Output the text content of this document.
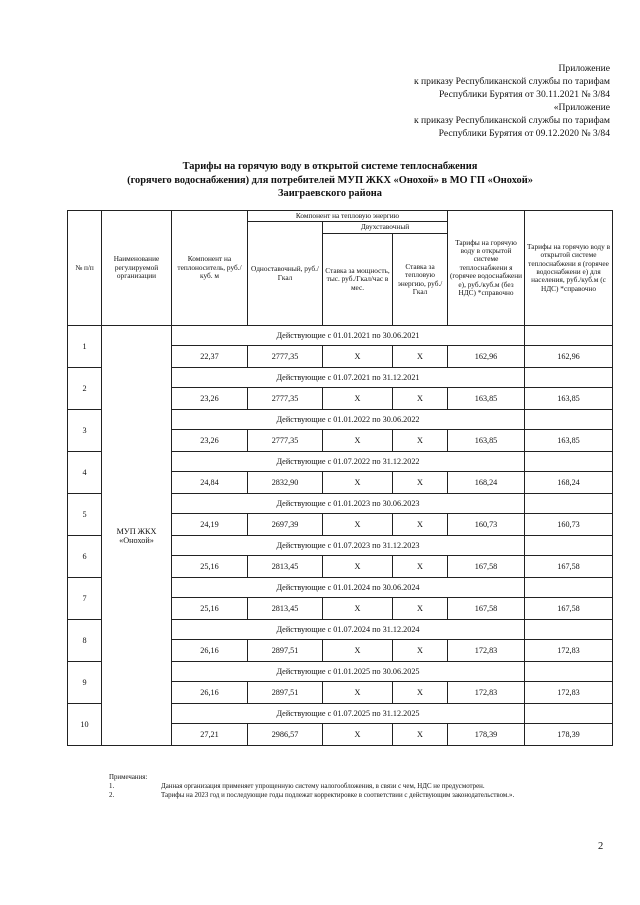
Приложение
к приказу Республиканской службы по тарифам
Республики Бурятия от 30.11.2021 № 3/84
«Приложение
к приказу Республиканской службы по тарифам
Республики Бурятия от 09.12.2020 № 3/84
Тарифы на горячую воду в открытой системе теплоснабжения
(горячего водоснабжения) для потребителей МУП ЖКХ «Онохой» в МО ГП «Онохой»
Заиграевского района
№ п/п	Наименование регулируемой организации	Компонент на теплоноситель, руб./куб. м	Компонент на тепловую энергию			Тарифы на горячую воду в открытой системе теплоснабжени я (горячее водоснабжени е), руб./куб.м (без НДС) *справочно	Тарифы на горячую воду в открытой системе теплоснабжени я (горячее водоснабжени е) для населения, руб./куб.м (с НДС) *справочно
			Одноставочный, руб./Гкал	Двухставочный			
				Ставка за мощность, тыс. руб./Гкал/час в мес.	Ставка за тепловую энергию, руб./Гкал		
1	МУП ЖКХ «Онохой»	Действующие с 01.01.2021 по 30.06.2021					
		22,37	2777,35	X	X	162,96	162,96
2		Действующие с 01.07.2021 по 31.12.2021					
		23,26	2777,35	X	X	163,85	163,85
3		Действующие с 01.01.2022 по 30.06.2022					
		23,26	2777,35	X	X	163,85	163,85
4		Действующие с 01.07.2022 по 31.12.2022					
		24,84	2832,90	X	X	168,24	168,24
5		Действующие с 01.01.2023 по 30.06.2023					
		24,19	2697,39	X	X	160,73	160,73
6		Действующие с 01.07.2023 по 31.12.2023					
		25,16	2813,45	X	X	167,58	167,58
7		Действующие с 01.01.2024 по 30.06.2024					
		25,16	2813,45	X	X	167,58	167,58
8		Действующие с 01.07.2024 по 31.12.2024					
		26,16	2897,51	X	X	172,83	172,83
9		Действующие с 01.01.2025 по 30.06.2025					
		26,16	2897,51	X	X	172,83	172,83
10		Действующие с 01.07.2025 по 31.12.2025					
		27,21	2986,57	X	X	178,39	178,39
Примечания:
1.	Данная организация применяет упрощенную систему налогообложения, в связи с чем, НДС не предусмотрен.
2.	Тарифы на 2023 год и последующие годы подлежат корректировке в соответствии с действующим законодательством.».
2
